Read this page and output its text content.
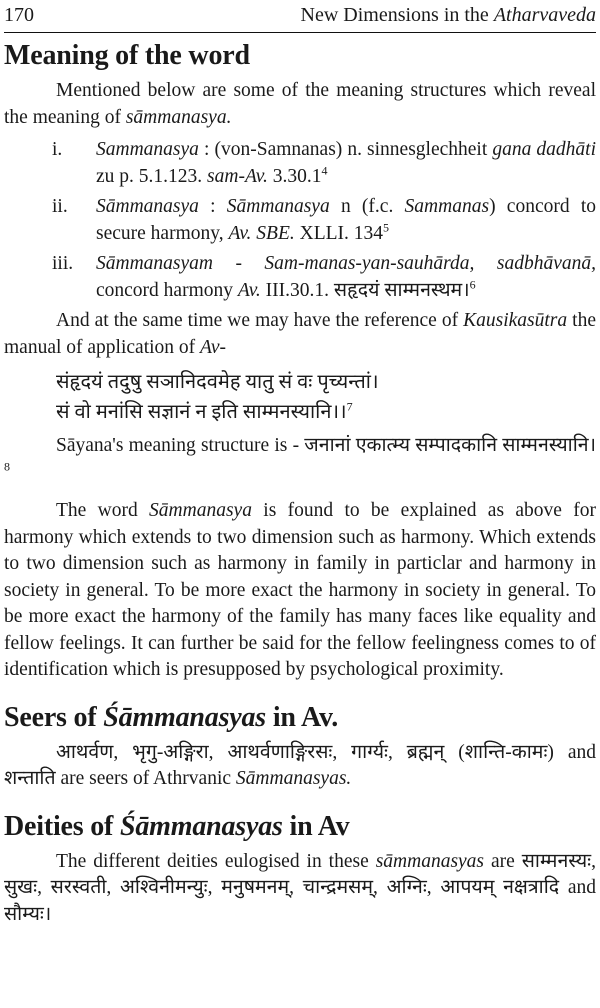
170	New Dimensions in the Atharvaveda
Meaning of the word

Mentioned below are some of the meaning structures which reveal the meaning of sāmmanasya.

i.	Sammanasya : (von-Samnanas) n. sinnesglechheit gana dadhāti zu p. 5.1.123. sam-Av. 3.30.1$^4$
ii.	Sāmmanasya : Sāmmanasya n (f.c. Sammanas) concord to secure harmony, Av. SBE. XLLI. $134^5$
iii.	Sāmmanasyam - Sam-manas-yan-sauhārda, sadbhāvanā, concord harmony Av. III.30.1. सहृदयं साम्मनस्थम।$^6$

And at the same time we may have the reference of Kausikasūtra the manual of application of Av-

संहृदयं तदुषु सञानिदवमेह यातु सं वः पृच्यन्तां।
सं वो मनांसि सज्ञानं न इति साम्मनस्यानि।।$^7$

Sāyana's meaning structure is - जनानां एकात्म्य सम्पादकानि साम्मनस्यानि।$^8$

The word Sāmmanasya is found to be explained as above for harmony which extends to two dimension such as harmony. Which extends to two dimension such as harmony in family in particlar and harmony in society in general. To be more exact the harmony in society in general. To be more exact the harmony of the family has many faces like equality and fellow feelings. It can further be said for the fellow feelingness comes to of identification which is presupposed by psychological proximity.

Seers of Śāmmanasyas in Av.

आथर्वण, भृगु-अङ्गिरा, आथर्वणाङ्गिरसः, गार्ग्यः, ब्रह्मन् (शान्ति-कामः) and शन्ताति are seers of Athrvanic Sāmmanasyas.

Deities of Śāmmanasyas in Av

The different deities eulogised in these sāmmanasyas are साम्मनस्यः, सुखः, सरस्वती, अश्विनीमन्युः, मनुषमनम्, चान्द्रमसम्, अग्निः, आपयम् नक्षत्रादि and सौम्यः।
